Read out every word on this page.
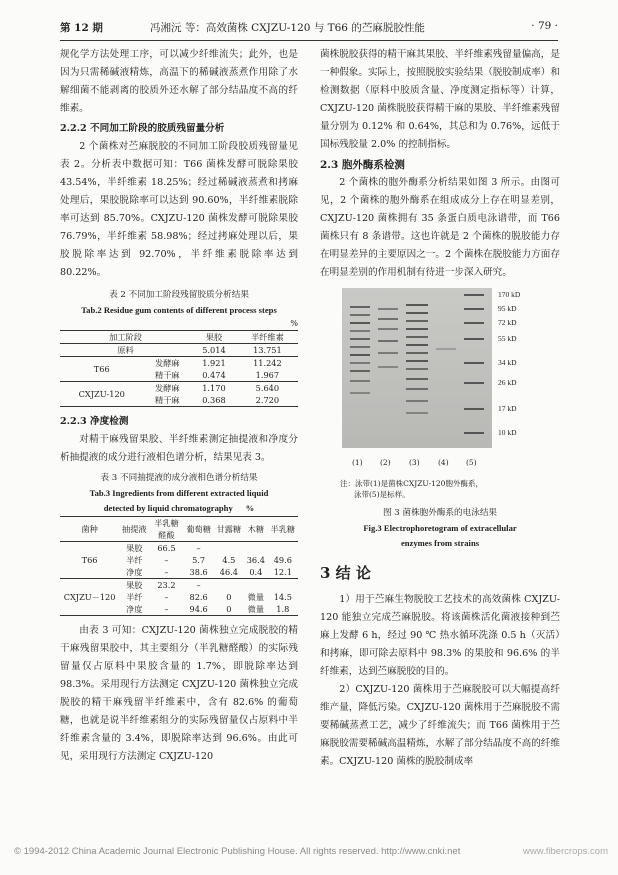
第 12 期	冯湘沅 等：高效菌株 CXJZU-120 与 T66 的苎麻脱胶性能	· 79 ·

规化学方法处理工序，可以减少纤维流失；此外，也是因为只需稀碱液精炼，高温下的稀碱液蒸煮作用除了水解细菌不能剥离的胶质外还水解了部分结晶度不高的纤维素。

2.2.2 不同加工阶段的胶质残留量分析

2 个菌株对苎麻脱胶的不同加工阶段胶质残留量见表 2。分析表中数据可知：T66 菌株发酵可脱除果胶 43.54%，半纤维素 18.25%；经过稀碱液蒸煮和拷麻处理后，果胶脱除率可以达到 90.60%，半纤维素脱除率可达到 85.70%。CXJZU-120 菌株发酵可脱除果胶 76.79%，半纤维素 58.98%；经过拷麻处理以后，果胶脱除率达到 92.70%，半纤维素脱除率达到 80.22%。

表 2 不同加工阶段残留胶质分析结果

Tab.2 Residue gum contents of different process steps

%
加工阶段		果胶	半纤维素
原料		5.014	13.751
T66	发酵麻	1.921	11.242
	精干麻	0.474	1.967
CXJZU-120	发酵麻	1.170	5.640
	精干麻	0.368	2.720

2.2.3 净度检测

对精干麻残留果胶、半纤维素测定抽提液和净度分析抽提液的成分进行液相色谱分析，结果见表 3。

表 3 不同抽提液的成分液相色谱分析结果

Tab.3 Ingredients from different extracted liquid

detected by liquid chromatography %

菌种	抽提液	半乳糖醛酸	葡萄糖	甘露糖	木糖	半乳糖
T66	果胶	66.5	–			
	半纤	–	5.7	4.5	36.4	49.6
	净度	–	38.6	46.4	0.4	12.1
CXJZU－120	果胶	23.2	–			
	半纤	–	82.6	0	微量	14.5
	净度	–	94.6	0	微量	1.8

由表 3 可知：CXJZU-120 菌株独立完成脱胶的精干麻残留果胶中，其主要组分（半乳糖醛酸）的实际残留量仅占原料中果胶含量的 1.7%，即脱除率达到 98.3%。采用现行方法测定 CXJZU-120 菌株独立完成脱胶的精干麻残留半纤维素中，含有 82.6% 的葡萄糖，也就是说半纤维素组分的实际残留量仅占原料中半纤维素含量的 3.4%，即脱除率达到 96.6%。由此可见，采用现行方法测定 CXJZU-120

菌株脱胶获得的精干麻其果胶、半纤维素残留量偏高，是一种假象。实际上，按照脱胶实验结果（脱胶制成率）和检测数据（原料中胶质含量、净度测定指标等）计算，CXJZU-120 菌株脱胶获得精干麻的果胶、半纤维素残留量分别为 0.12% 和 0.64%，其总和为 0.76%，远低于国标残胶量 2.0% 的控制指标。

2.3 胞外酶系检测

2 个菌株的胞外酶系分析结果如图 3 所示。由图可见，2 个菌株的胞外酶系在组成成分上存在明显差别，CXJZU-120 菌株拥有 35 条蛋白质电泳谱带，而 T66 菌株只有 8 条谱带。这也许就是 2 个菌株的脱胶能力存在明显差异的主要原因之一。2 个菌株在脱胶能力方面存在明显差别的作用机制有待进一步深入研究。

170 kD
95 kD
72 kD
55 kD
34 kD
26 kD
17 kD
10 kD
(1) (2) (3) (4) (5)

注：泳带(1)是菌株CXJZU-120胞外酶系，

泳带(5)是标样。

图 3 菌株胞外酶系的电泳结果

Fig.3 Electrophoretogram of extracellular

enzymes from strains

3 结 论

1）用于苎麻生物脱胶工艺技术的高效菌株 CXJZU-120 能独立完成苎麻脱胶。将该菌株活化菌液接种到苎麻上发酵 6 h，经过 90 ℃ 热水循环洗涤 0.5 h（灭活）和拷麻，即可除去原料中 98.3% 的果胶和 96.6% 的半纤维素，达到苎麻脱胶的目的。

2）CXJZU-120 菌株用于苎麻脱胶可以大幅提高纤维产量，降低污染。CXJZU-120 菌株用于苎麻脱胶不需要稀碱蒸煮工艺，减少了纤维流失；而 T66 菌株用于苎麻脱胶需要稀碱高温精炼，水解了部分结晶度不高的纤维素。CXJZU-120 菌株的脱胶制成率

© 1994-2012 China Academic Journal Electronic Publishing House. All rights reserved. http://www.cnki.net	www.fibercrops.com
